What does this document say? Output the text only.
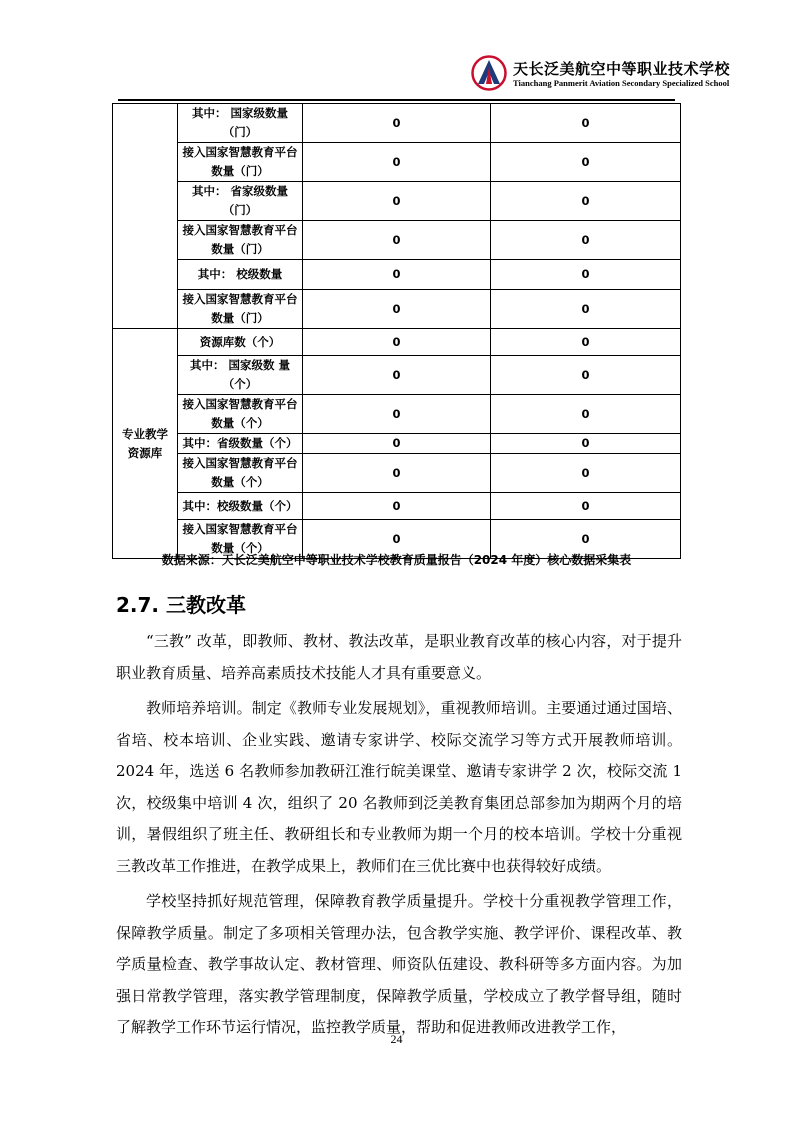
天长泛美航空中等职业技术学校
Tianchang Panmerit Aviation Secondary Specialized School
	其中： 国家级数量（门）	0	0
	接入国家智慧教育平台数量（门）	0	0
	其中： 省家级数量（门）	0	0
	接入国家智慧教育平台数量（门）	0	0
	其中： 校级数量	0	0
	接入国家智慧教育平台数量（门）	0	0
专业教学资源库	资源库数（个）	0	0
	其中： 国家级数 量（个）	0	0
	接入国家智慧教育平台数量（个）	0	0
	其中：省级数量（个）	0	0
	接入国家智慧教育平台数量（个）	0	0
	其中：校级数量（个）	0	0
	接入国家智慧教育平台数量（个）	0	0
数据来源：天长泛美航空中等职业技术学校教育质量报告（2024 年度）核心数据采集表
2.7. 三教改革

“三教” 改革，即教师、教材、教法改革，是职业教育改革的核心内容，对于提升职业教育质量、培养高素质技术技能人才具有重要意义。

教师培养培训。制定《教师专业发展规划》，重视教师培训。主要通过通过国培、省培、校本培训、企业实践、邀请专家讲学、校际交流学习等方式开展教师培训。2024 年，选送 6 名教师参加教研江淮行皖美课堂、邀请专家讲学 2 次，校际交流 1 次，校级集中培训 4 次，组织了 20 名教师到泛美教育集团总部参加为期两个月的培训，暑假组织了班主任、教研组长和专业教师为期一个月的校本培训。学校十分重视三教改革工作推进，在教学成果上，教师们在三优比赛中也获得较好成绩。

学校坚持抓好规范管理，保障教育教学质量提升。学校十分重视教学管理工作，保障教学质量。制定了多项相关管理办法，包含教学实施、教学评价、课程改革、教学质量检查、教学事故认定、教材管理、师资队伍建设、教科研等多方面内容。为加强日常教学管理，落实教学管理制度，保障教学质量，学校成立了教学督导组，随时了解教学工作环节运行情况，监控教学质量，帮助和促进教师改进教学工作，

24
